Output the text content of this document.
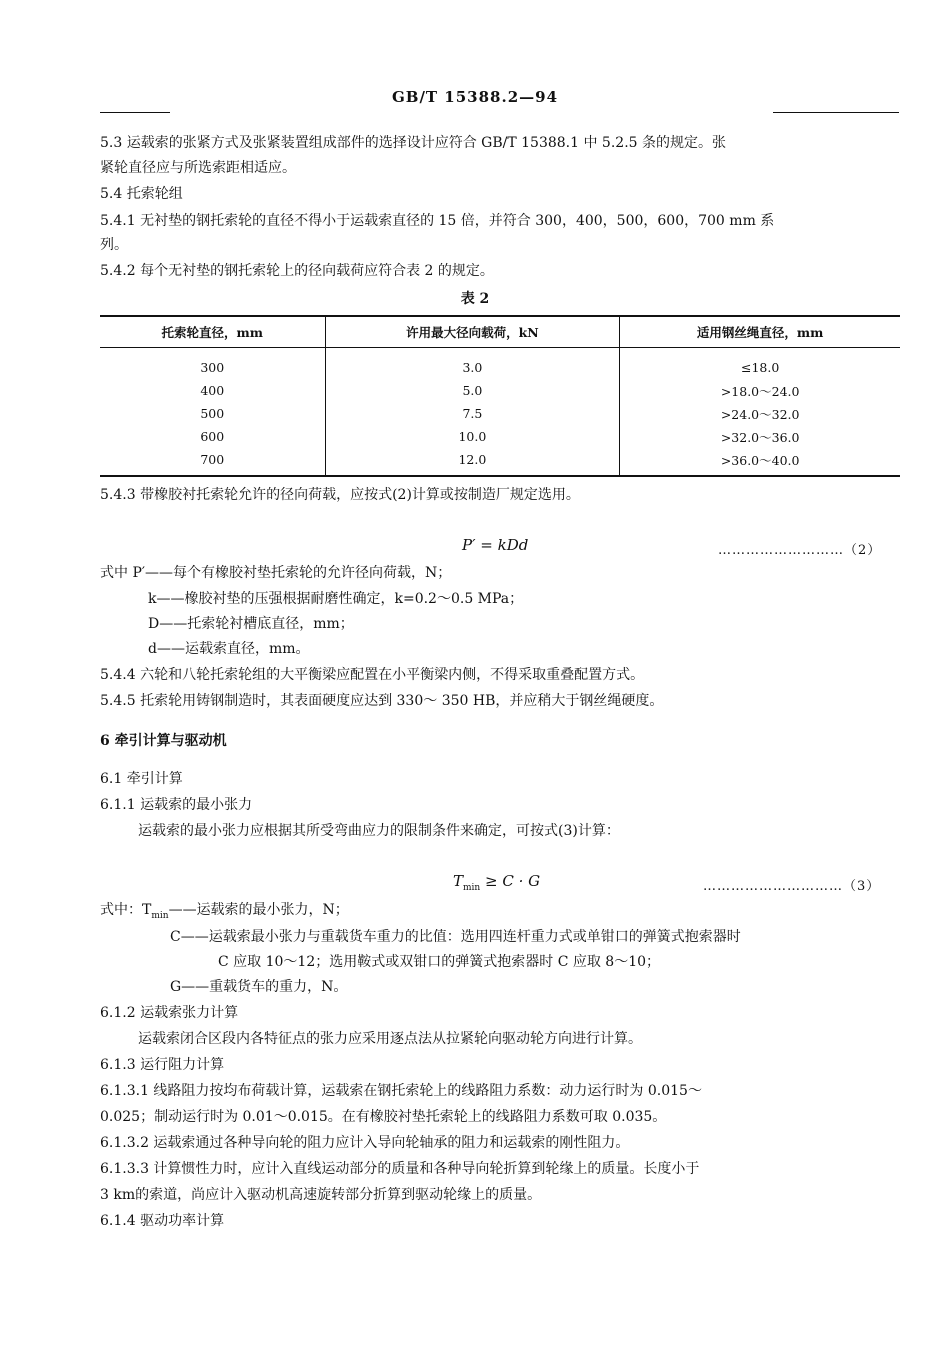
GB/T 15388.2—94
5.3 运载索的张紧方式及张紧装置组成部件的选择设计应符合 GB/T 15388.1 中 5.2.5 条的规定。张
紧轮直径应与所选索距相适应。
5.4 托索轮组
5.4.1 无衬垫的钢托索轮的直径不得小于运载索直径的 15 倍，并符合 300，400，500，600，700 mm 系
列。
5.4.2 每个无衬垫的钢托索轮上的径向载荷应符合表 2 的规定。
表 2
托索轮直径，mm	许用最大径向载荷，kN	适用钢丝绳直径，mm
300	3.0	≤18.0
400	5.0	>18.0～24.0
500	7.5	>24.0～32.0
600	10.0	>32.0～36.0
700	12.0	>36.0～40.0
5.4.3 带橡胶衬托索轮允许的径向荷载，应按式(2)计算或按制造厂规定选用。
P′ = kDd	………………………（2）
式中 P′——每个有橡胶衬垫托索轮的允许径向荷载，N；
k——橡胶衬垫的压强根据耐磨性确定，k=0.2～0.5 MPa；
D——托索轮衬槽底直径，mm；
d——运载索直径，mm。
5.4.4 六轮和八轮托索轮组的大平衡梁应配置在小平衡梁内侧，不得采取重叠配置方式。
5.4.5 托索轮用铸钢制造时，其表面硬度应达到 330～ 350 HB，并应稍大于钢丝绳硬度。
6 牵引计算与驱动机
6.1 牵引计算
6.1.1 运载索的最小张力
运载索的最小张力应根据其所受弯曲应力的限制条件来确定，可按式(3)计算：
$T_{min} \ge C \cdot G$	…………………………（3）
式中：$T_{min}——$运载索的最小张力，N；
C——运载索最小张力与重载货车重力的比值：选用四连杆重力式或单钳口的弹簧式抱索器时
C 应取 10～12；选用鞍式或双钳口的弹簧式抱索器时 C 应取 8～10；
G——重载货车的重力，N。
6.1.2 运载索张力计算
运载索闭合区段内各特征点的张力应采用逐点法从拉紧轮向驱动轮方向进行计算。
6.1.3 运行阻力计算
6.1.3.1 线路阻力按均布荷载计算，运载索在钢托索轮上的线路阻力系数：动力运行时为 0.015～
0.025；制动运行时为 0.01～0.015。在有橡胶衬垫托索轮上的线路阻力系数可取 0.035。
6.1.3.2 运载索通过各种导向轮的阻力应计入导向轮轴承的阻力和运载索的刚性阻力。
6.1.3.3 计算惯性力时，应计入直线运动部分的质量和各种导向轮折算到轮缘上的质量。长度小于
3 km的索道，尚应计入驱动机高速旋转部分折算到驱动轮缘上的质量。
6.1.4 驱动功率计算
